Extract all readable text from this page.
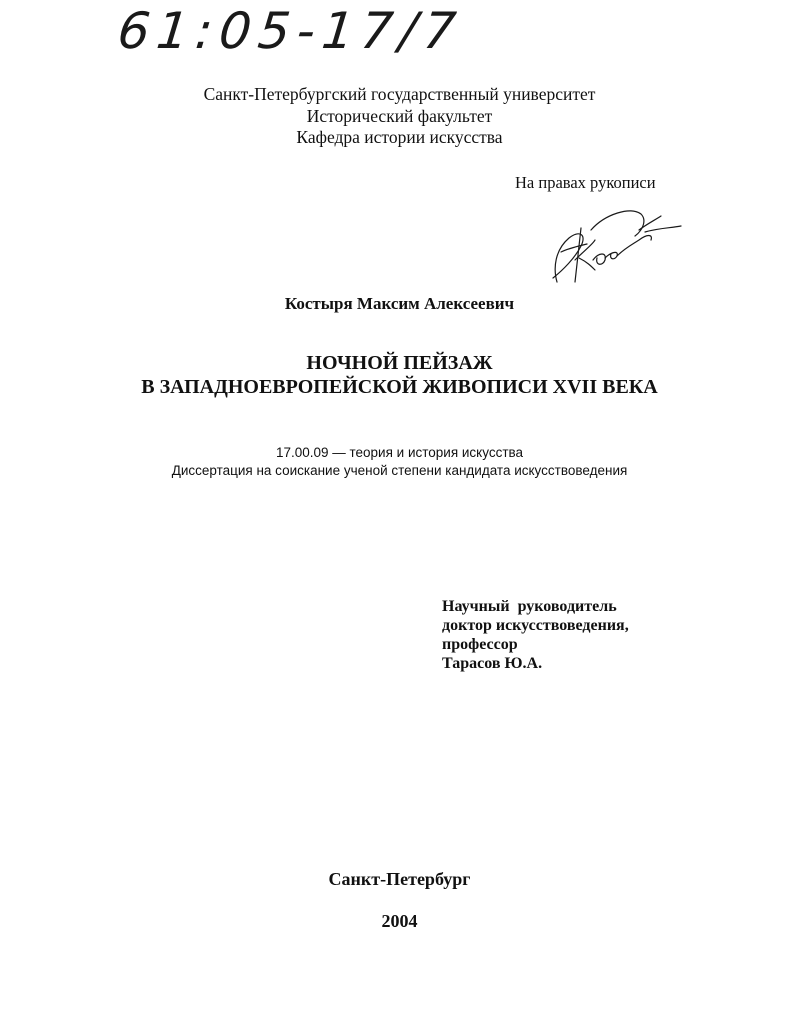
61:05-17/7
Санкт-Петербургский государственный университет
Исторический факультет
Кафедра истории искусства
На правах рукописи
Костыря Максим Алексеевич
НОЧНОЙ ПЕЙЗАЖ
В ЗАПАДНОЕВРОПЕЙСКОЙ ЖИВОПИСИ XVII ВЕКА
17.00.09 — теория и история искусства
Диссертация на соискание ученой степени кандидата искусствоведения
Научный  руководитель
доктор искусствоведения,
профессор
Тарасов Ю.А.
Санкт-Петербург
2004
